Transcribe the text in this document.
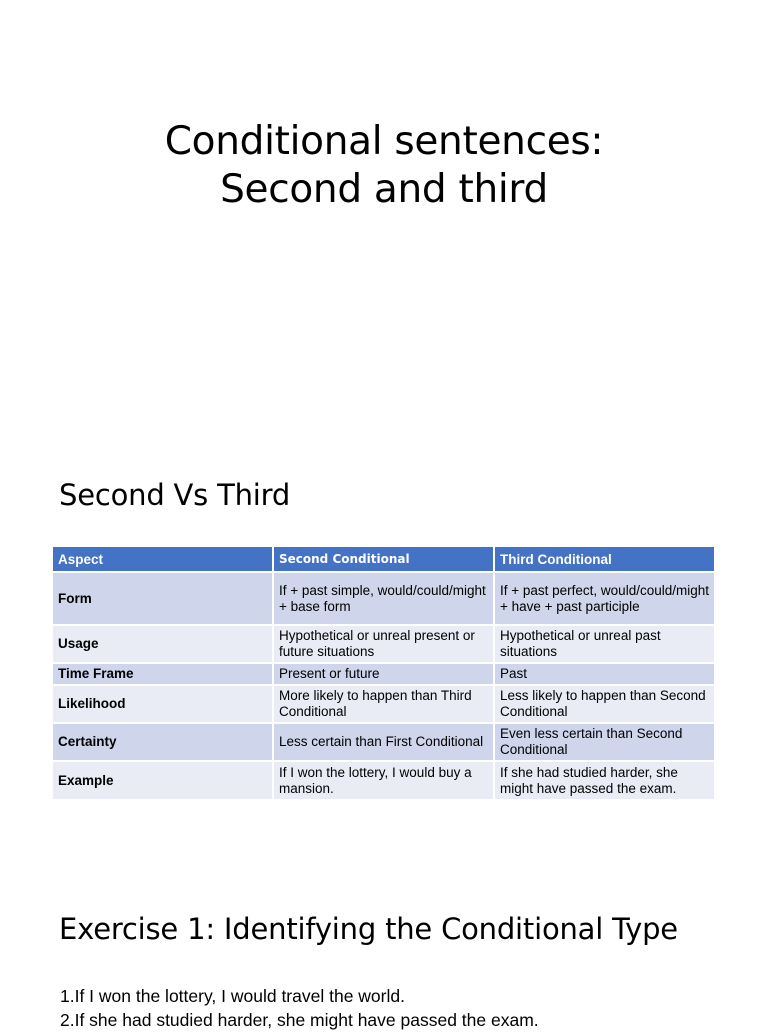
Conditional sentences:
Second and third
Second Vs Third
Aspect	Second Conditional	Third Conditional
Form	If + past simple, would/could/might + base form	If + past perfect, would/could/might + have + past participle
Usage	Hypothetical or unreal present or future situations	Hypothetical or unreal past situations
Time Frame	Present or future	Past
Likelihood	More likely to happen than Third Conditional	Less likely to happen than Second Conditional
Certainty	Less certain than First Conditional	Even less certain than Second Conditional
Example	If I won the lottery, I would buy a mansion.	If she had studied harder, she might have passed the exam.
Exercise 1: Identifying the Conditional Type
1.If I won the lottery, I would travel the world.
2.If she had studied harder, she might have passed the exam.
